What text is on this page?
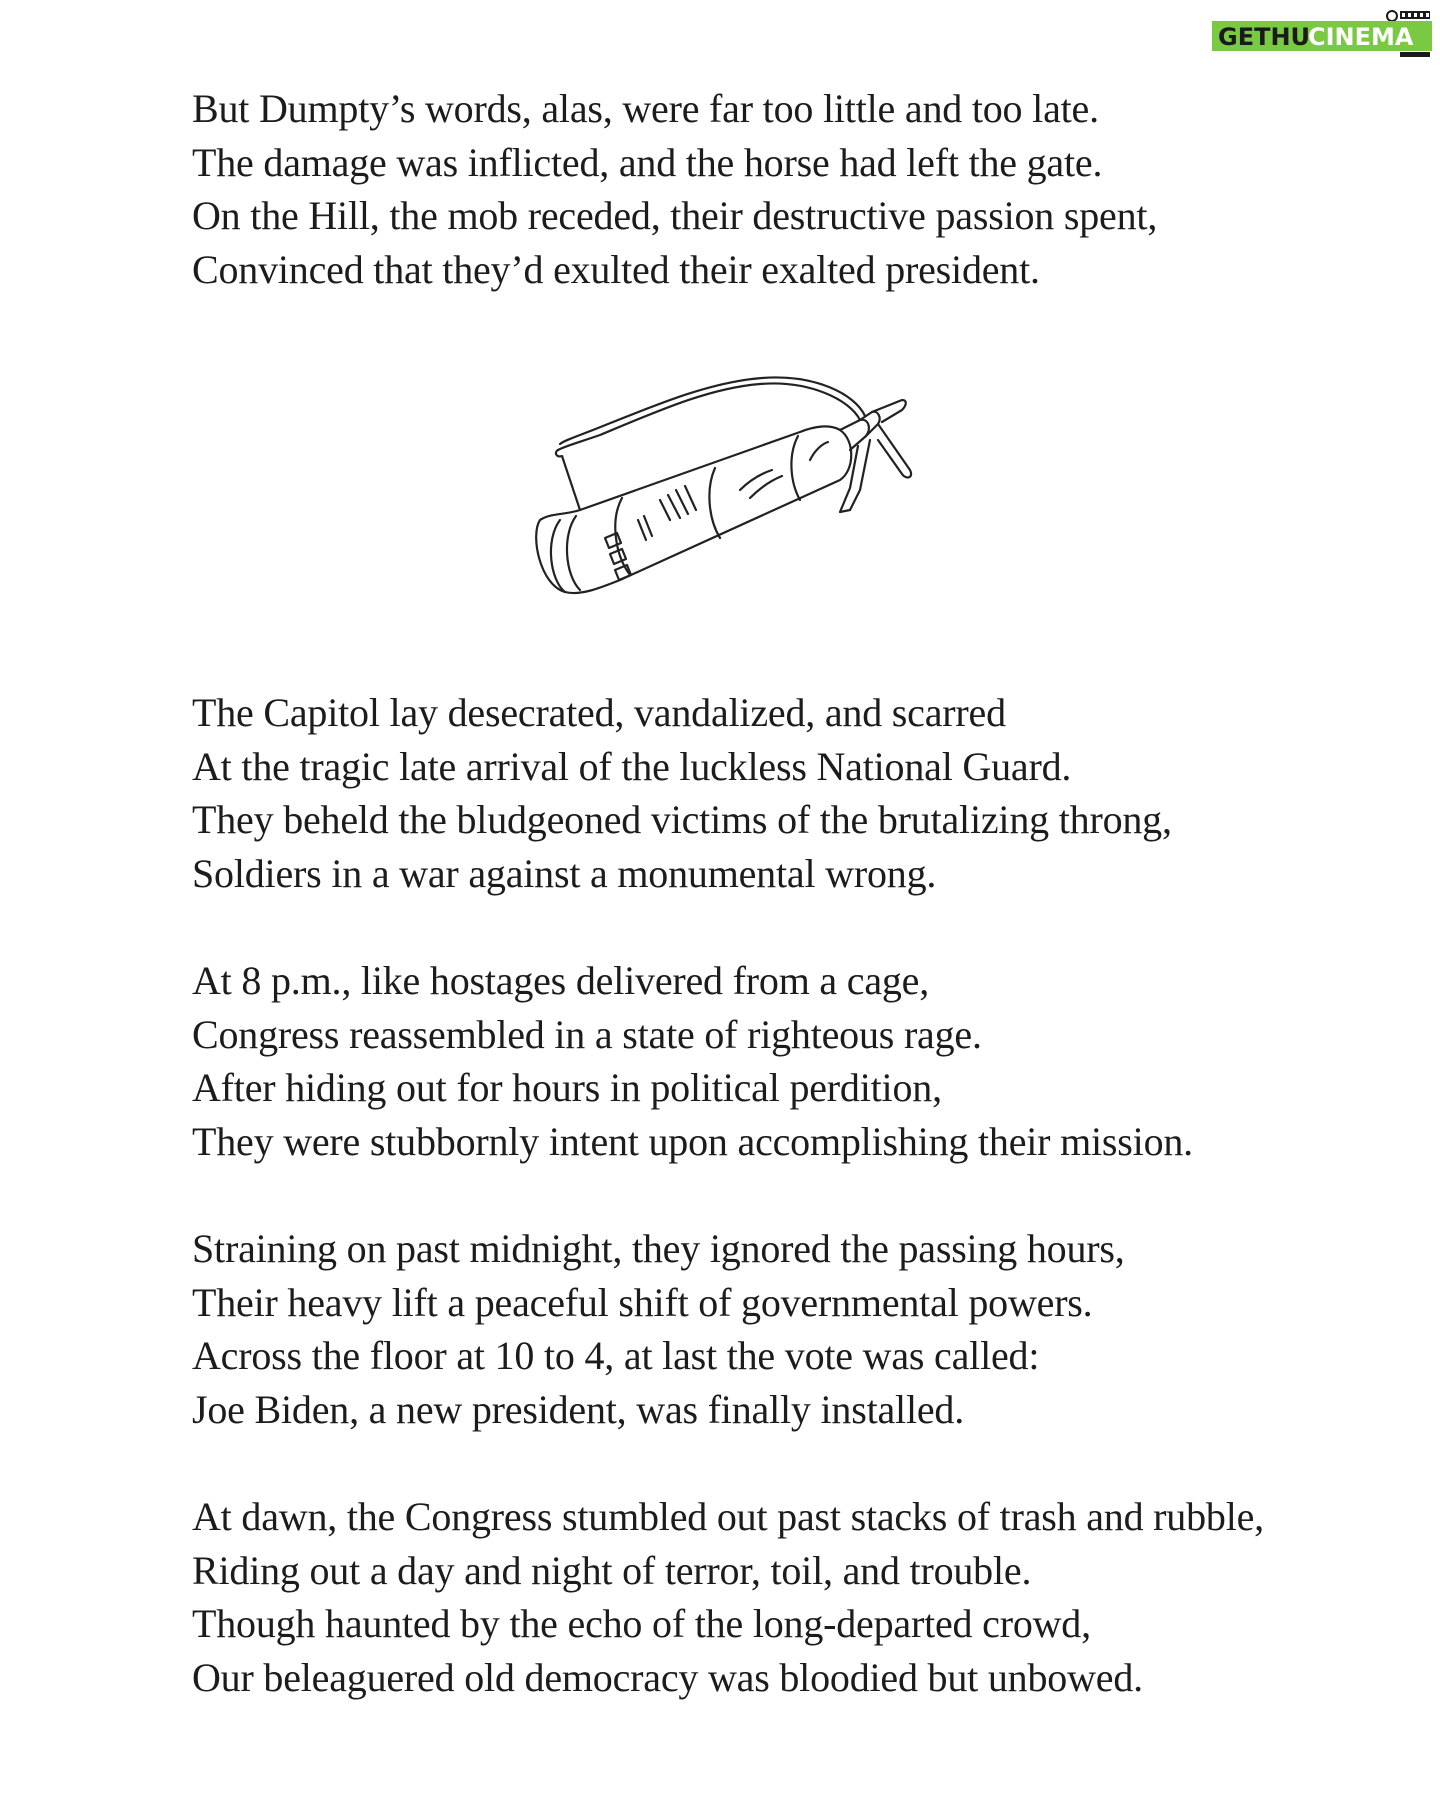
GETHU
CINEMA
But Dumpty’s words, alas, were far too little and too late.
The damage was inflicted, and the horse had left the gate.
On the Hill, the mob receded, their destructive passion spent,
Convinced that they’d exulted their exalted president.
The Capitol lay desecrated, vandalized, and scarred
At the tragic late arrival of the luckless National Guard.
They beheld the bludgeoned victims of the brutalizing throng,
Soldiers in a war against a monumental wrong.
At 8 p.m., like hostages delivered from a cage,
Congress reassembled in a state of righteous rage.
After hiding out for hours in political perdition,
They were stubbornly intent upon accomplishing their mission.
Straining on past midnight, they ignored the passing hours,
Their heavy lift a peaceful shift of governmental powers.
Across the floor at 10 to 4, at last the vote was called:
Joe Biden, a new president, was finally installed.
At dawn, the Congress stumbled out past stacks of trash and rubble,
Riding out a day and night of terror, toil, and trouble.
Though haunted by the echo of the long-departed crowd,
Our beleaguered old democracy was bloodied but unbowed.
